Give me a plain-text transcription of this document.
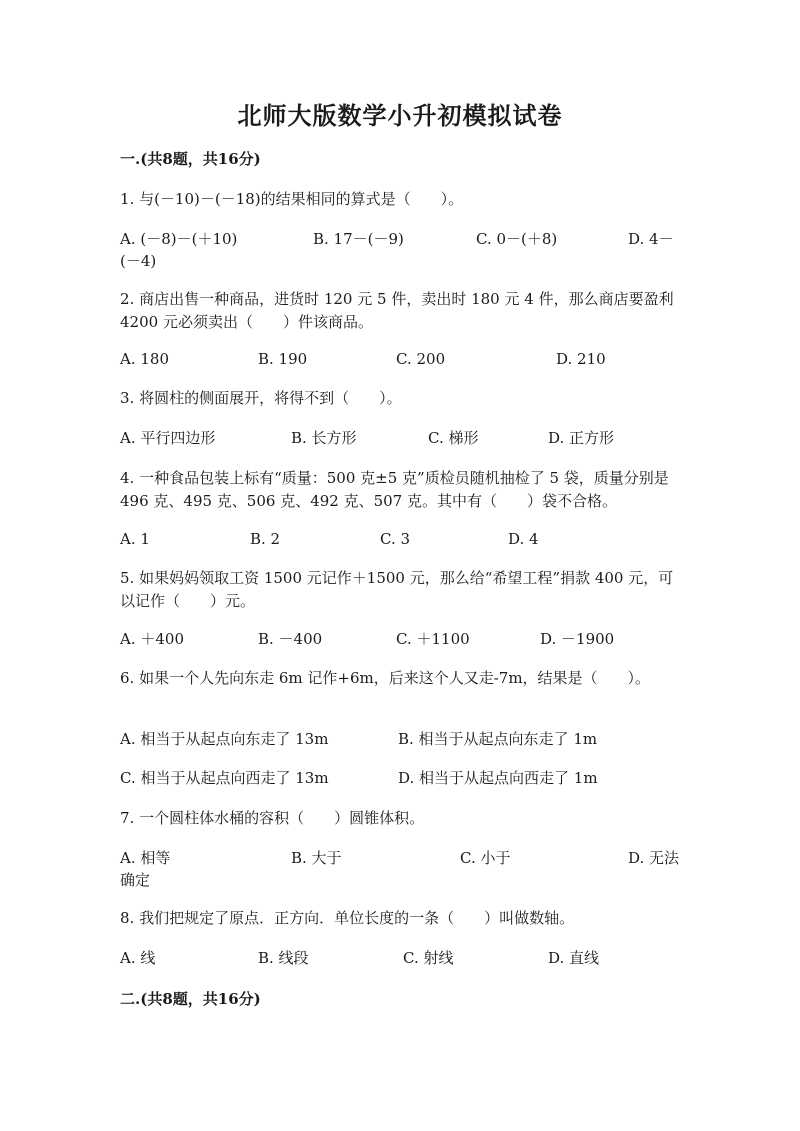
北师大版数学小升初模拟试卷
一.(共8题，共16分)
1. 与(－10)－(－18)的结果相同的算式是（　　）。
A. (－8)－(＋10)	B. 17－(－9)	C. 0－(＋8)	D. 4－
(－4)
2. 商店出售一种商品，进货时 120 元 5 件，卖出时 180 元 4 件，那么商店要盈利 4200 元必须卖出（　　）件该商品。
A. 180	B. 190	C. 200	D. 210
3. 将圆柱的侧面展开，将得不到（　　）。
A. 平行四边形	B. 长方形	C. 梯形	D. 正方形
4. 一种食品包装上标有“质量：500 克±5 克”质检员随机抽检了 5 袋，质量分别是 496 克、495 克、506 克、492 克、507 克。其中有（　　）袋不合格。
A. 1	B. 2	C. 3	D. 4
5. 如果妈妈领取工资 1500 元记作＋1500 元，那么给“希望工程”捐款 400 元，可以记作（　　）元。
A. ＋400	B. －400	C. ＋1100	D. －1900
6. 如果一个人先向东走 6m 记作+6m，后来这个人又走-7m，结果是（　　）。
A. 相当于从起点向东走了 13m	B. 相当于从起点向东走了 1m
C. 相当于从起点向西走了 13m	D. 相当于从起点向西走了 1m
7. 一个圆柱体水桶的容积（　　）圆锥体积。
A. 相等	B. 大于	C. 小于	D. 无法
确定
8. 我们把规定了原点．正方向．单位长度的一条（　　）叫做数轴。
A. 线	B. 线段	C. 射线	D. 直线
二.(共8题，共16分)
